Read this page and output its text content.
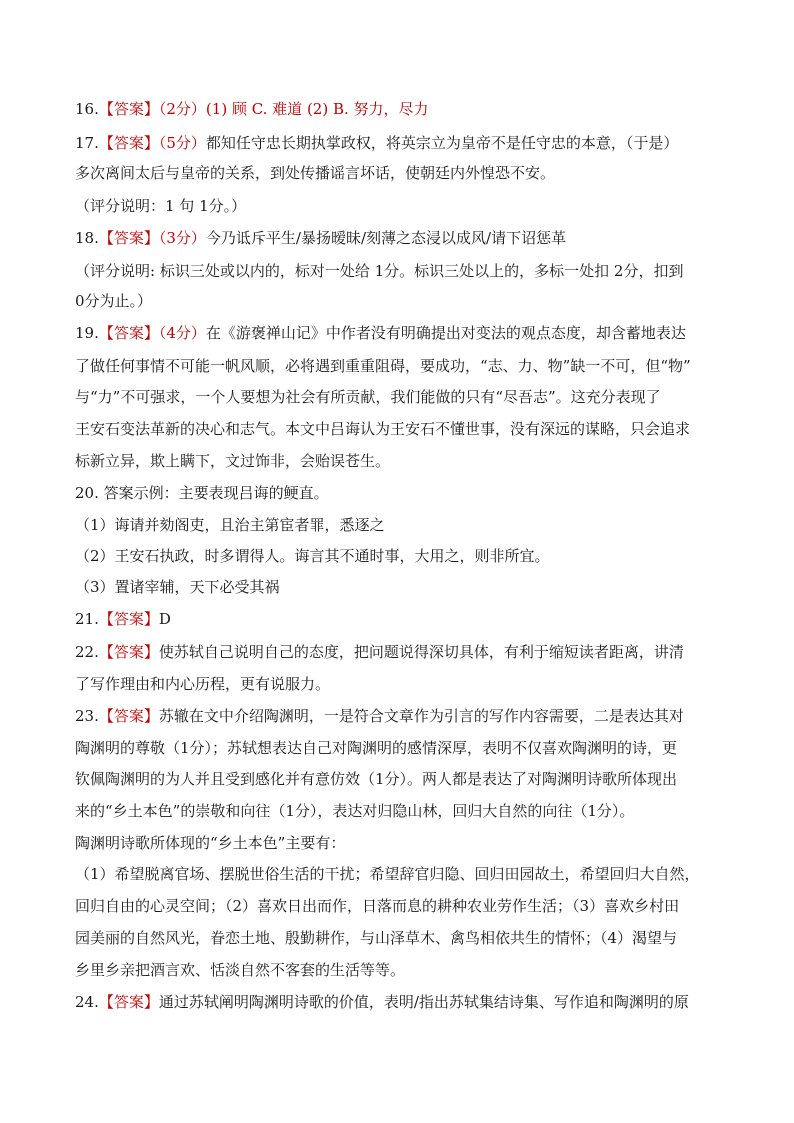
16.【答案】（2分）(1) 顾 C. 难道 (2) B. 努力，尽力
17.【答案】（5分）都知任守忠长期执掌政权，将英宗立为皇帝不是任守忠的本意，（于是）
多次离间太后与皇帝的关系，到处传播谣言坏话，使朝廷内外惶恐不安。
（评分说明：1 句 1分。）
18.【答案】（3分）今乃诋斥平生/暴扬暧昧/刻薄之态浸以成风/请下诏惩革
（评分说明: 标识三处或以内的，标对一处给 1分。标识三处以上的，多标一处扣 2分，扣到
0分为止。）
19.【答案】（4分）在《游褒禅山记》中作者没有明确提出对变法的观点态度，却含蓄地表达
了做任何事情不可能一帆风顺，必将遇到重重阻碍，要成功，“志、力、物”缺一不可，但“物”
与“力”不可强求，一个人要想为社会有所贡献，我们能做的只有“尽吾志”。这充分表现了
王安石变法革新的决心和志气。本文中吕诲认为王安石不懂世事，没有深远的谋略，只会追求
标新立异，欺上瞒下，文过饰非，会贻误苍生。
20. 答案示例：主要表现吕诲的鲠直。
（1）诲请并劾阁吏，且治主第宦者罪，悉逐之
（2）王安石执政，时多谓得人。诲言其不通时事，大用之，则非所宜。
（3）置诸宰辅，天下必受其祸
21.【答案】D
22.【答案】使苏轼自己说明自己的态度，把问题说得深切具体，有利于缩短读者距离，讲清
了写作理由和内心历程，更有说服力。
23.【答案】苏辙在文中介绍陶渊明，一是符合文章作为引言的写作内容需要，二是表达其对
陶渊明的尊敬（1分）；苏轼想表达自己对陶渊明的感情深厚，表明不仅喜欢陶渊明的诗，更
钦佩陶渊明的为人并且受到感化并有意仿效（1分）。两人都是表达了对陶渊明诗歌所体现出
来的“乡土本色”的崇敬和向往（1分），表达对归隐山林，回归大自然的向往（1分）。
陶渊明诗歌所体现的“乡土本色”主要有：
（1）希望脱离官场、摆脱世俗生活的干扰；希望辞官归隐、回归田园故土，希望回归大自然，
回归自由的心灵空间；（2）喜欢日出而作，日落而息的耕种农业劳作生活；（3）喜欢乡村田
园美丽的自然风光，眷恋土地、殷勤耕作，与山泽草木、禽鸟相依共生的情怀；（4）渴望与
乡里乡亲把酒言欢、恬淡自然不客套的生活等等。
24.【答案】通过苏轼阐明陶渊明诗歌的价值，表明/指出苏轼集结诗集、写作追和陶渊明的原
